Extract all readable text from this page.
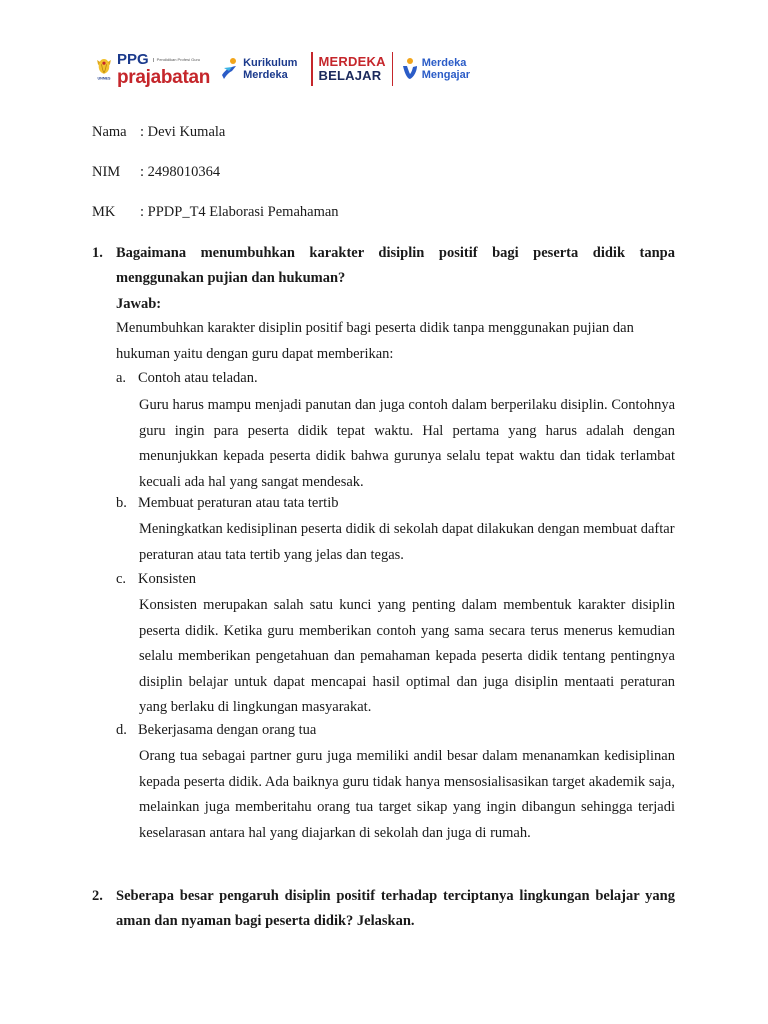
UNNES
PPG	Pendidikan Profesi Guru
prajabatan
Kurikulum
Merdeka
MERDEKA
BELAJAR
Merdeka
Mengajar
Nama : Devi Kumala
NIM : 2498010364
MK : PPDP_T4 Elaborasi Pemahaman
1. Bagaimana menumbuhkan karakter disiplin positif bagi peserta didik tanpa menggunakan pujian dan hukuman?
Jawab:
Menumbuhkan karakter disiplin positif bagi peserta didik tanpa menggunakan pujian dan hukuman yaitu dengan guru dapat memberikan:
a. Contoh atau teladan.
Guru harus mampu menjadi panutan dan juga contoh dalam berperilaku disiplin. Contohnya guru ingin para peserta didik tepat waktu. Hal pertama yang harus adalah dengan menunjukkan kepada peserta didik bahwa gurunya selalu tepat waktu dan tidak terlambat kecuali ada hal yang sangat mendesak.
b. Membuat peraturan atau tata tertib
Meningkatkan kedisiplinan peserta didik di sekolah dapat dilakukan dengan membuat daftar peraturan atau tata tertib yang jelas dan tegas.
c. Konsisten
Konsisten merupakan salah satu kunci yang penting dalam membentuk karakter disiplin peserta didik. Ketika guru memberikan contoh yang sama secara terus menerus kemudian selalu memberikan pengetahuan dan pemahaman kepada peserta didik tentang pentingnya disiplin belajar untuk dapat mencapai hasil optimal dan juga disiplin mentaati peraturan yang berlaku di lingkungan masyarakat.
d. Bekerjasama dengan orang tua
Orang tua sebagai partner guru juga memiliki andil besar dalam menanamkan kedisiplinan kepada peserta didik. Ada baiknya guru tidak hanya mensosialisasikan target akademik saja, melainkan juga memberitahu orang tua target sikap yang ingin dibangun sehingga terjadi keselarasan antara hal yang diajarkan di sekolah dan juga di rumah.
2. Seberapa besar pengaruh disiplin positif terhadap terciptanya lingkungan belajar yang aman dan nyaman bagi peserta didik? Jelaskan.
